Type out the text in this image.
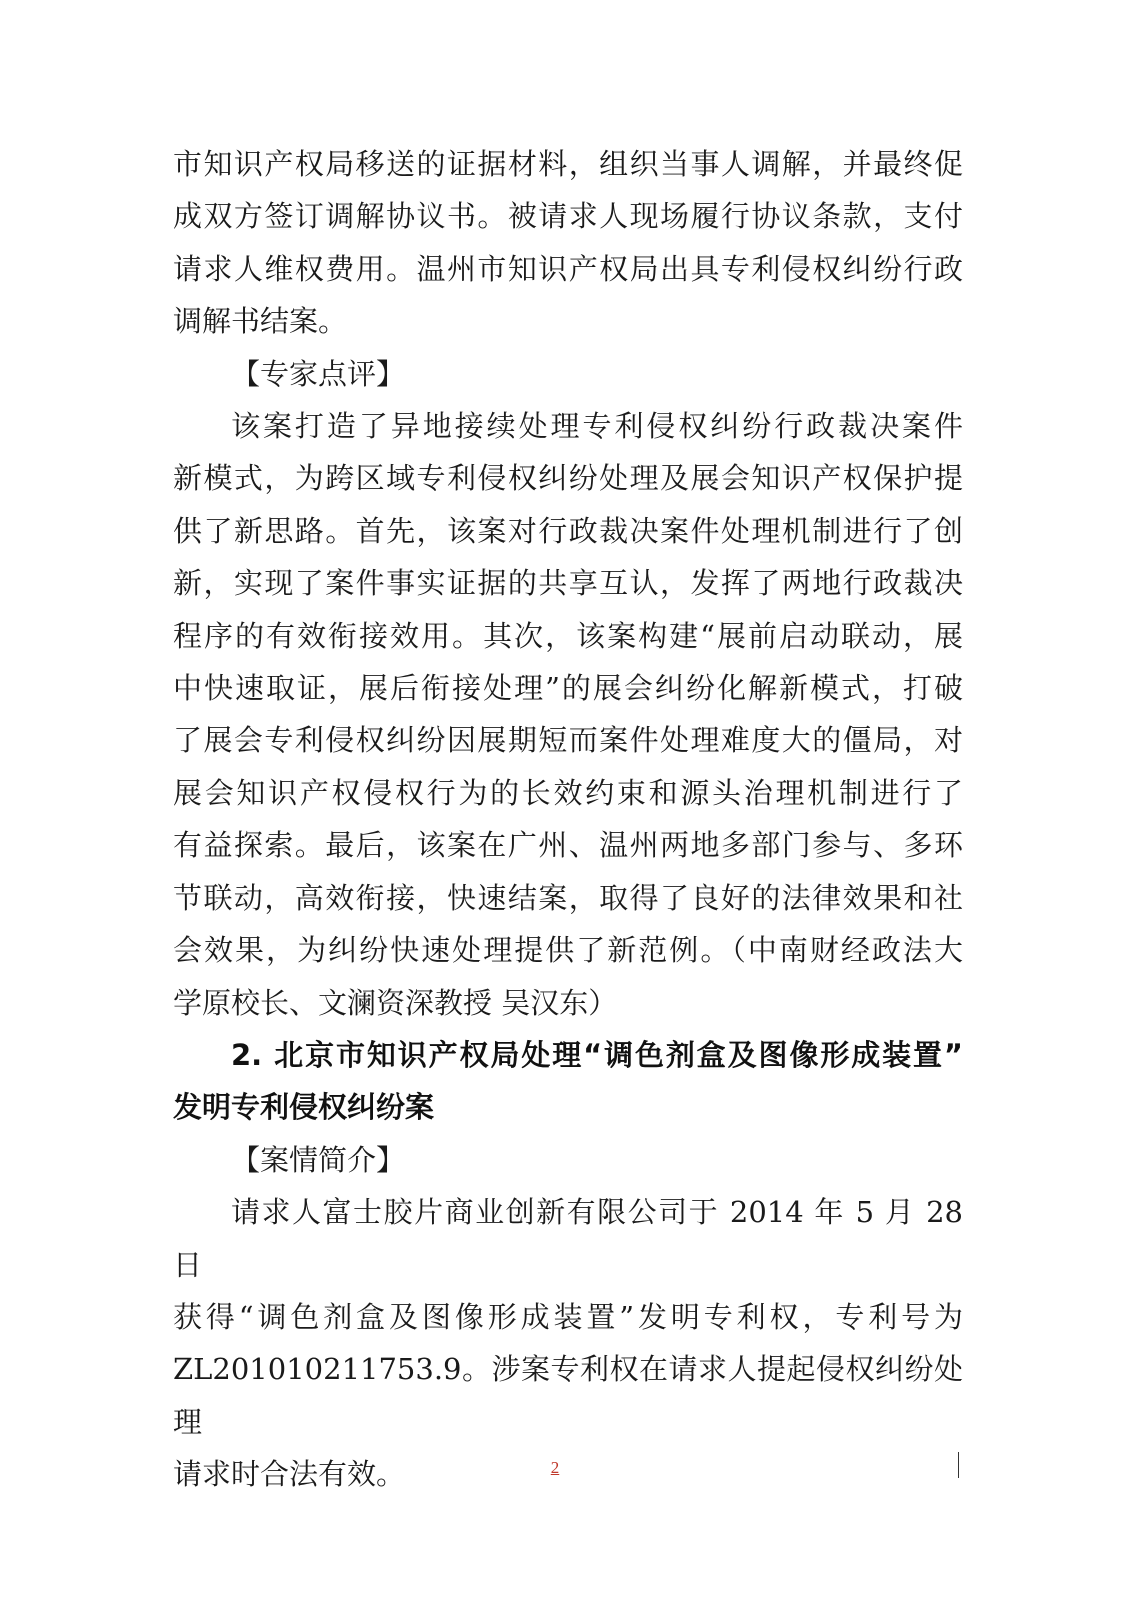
市知识产权局移送的证据材料，组织当事人调解，并最终促

成双方签订调解协议书。被请求人现场履行协议条款，支付

请求人维权费用。温州市知识产权局出具专利侵权纠纷行政

调解书结案。

【专家点评】

该案打造了异地接续处理专利侵权纠纷行政裁决案件

新模式，为跨区域专利侵权纠纷处理及展会知识产权保护提

供了新思路。首先，该案对行政裁决案件处理机制进行了创

新，实现了案件事实证据的共享互认，发挥了两地行政裁决

程序的有效衔接效用。其次，该案构建“展前启动联动，展

中快速取证，展后衔接处理”的展会纠纷化解新模式，打破

了展会专利侵权纠纷因展期短而案件处理难度大的僵局，对

展会知识产权侵权行为的长效约束和源头治理机制进行了

有益探索。最后，该案在广州、温州两地多部门参与、多环

节联动，高效衔接，快速结案，取得了良好的法律效果和社

会效果，为纠纷快速处理提供了新范例。（中南财经政法大

学原校长、文澜资深教授 吴汉东）

2. 北京市知识产权局处理“调色剂盒及图像形成装置”

发明专利侵权纠纷案

【案情简介】

请求人富士胶片商业创新有限公司于 2014 年 5 月 28 日

获得“调色剂盒及图像形成装置”发明专利权，专利号为

ZL201010211753.9。涉案专利权在请求人提起侵权纠纷处理

请求时合法有效。	2
